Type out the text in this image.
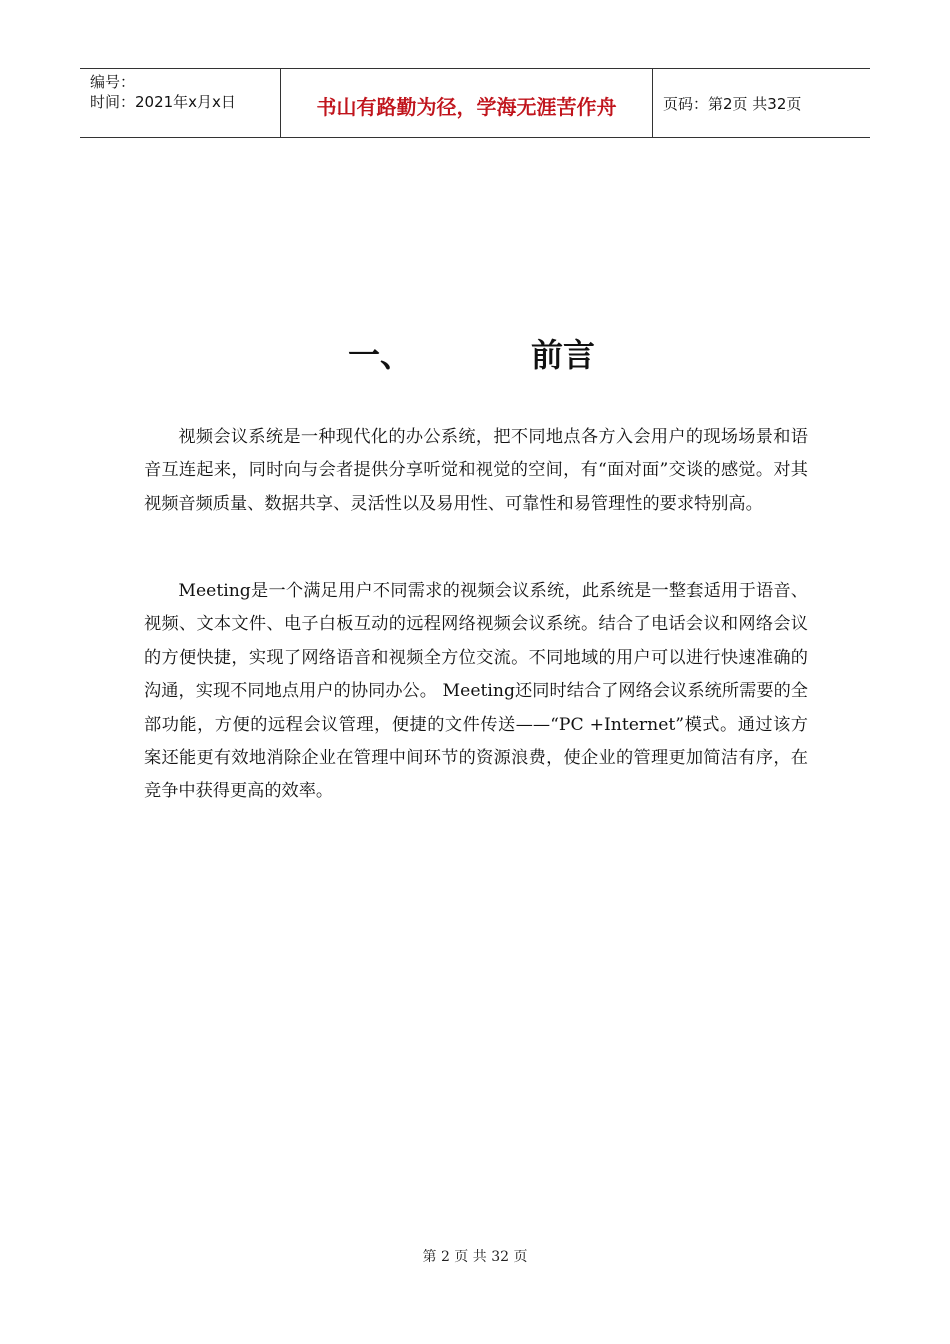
编号：
时间：2021年x月x日	书山有路勤为径，学海无涯苦作舟	页码：第2页 共32页
一、	前言

视频会议系统是一种现代化的办公系统，把不同地点各方入会用户的现场场景和语音互连起来，同时向与会者提供分享听觉和视觉的空间，有“面对面”交谈的感觉。对其视频音频质量、数据共享、灵活性以及易用性、可靠性和易管理性的要求特别高。

Meeting是一个满足用户不同需求的视频会议系统，此系统是一整套适用于语音、视频、文本文件、电子白板互动的远程网络视频会议系统。结合了电话会议和网络会议的方便快捷，实现了网络语音和视频全方位交流。不同地域的用户可以进行快速准确的沟通，实现不同地点用户的协同办公。 Meeting还同时结合了网络会议系统所需要的全部功能，方便的远程会议管理，便捷的文件传送——“PC +Internet”模式。通过该方案还能更有效地消除企业在管理中间环节的资源浪费，使企业的管理更加简洁有序，在竞争中获得更高的效率。

第 2 页 共 32 页
